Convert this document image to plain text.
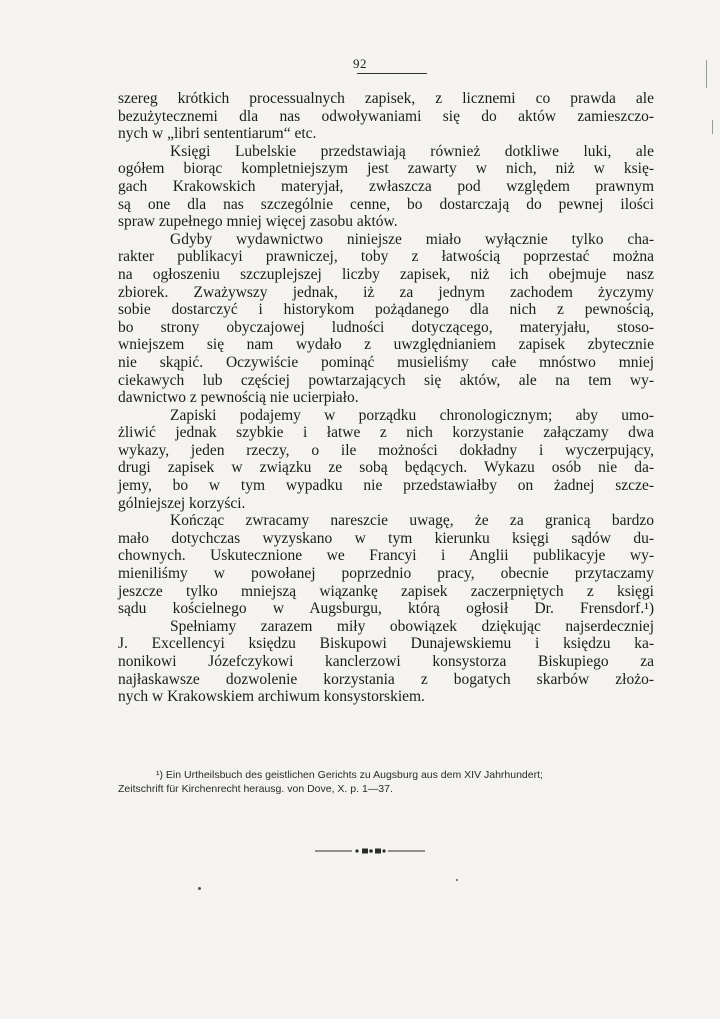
92
szereg krótkich processualnych zapisek, z licznemi co prawda ale
bezużytecznemi dla nas odwoływaniami się do aktów zamieszczo-
nych w „libri sententiarum“ etc.
Księgi Lubelskie przedstawiają również dotkliwe luki, ale
ogółem biorąc kompletniejszym jest zawarty w nich, niż w księ-
gach Krakowskich materyjał, zwłaszcza pod względem prawnym
są one dla nas szczególnie cenne, bo dostarczają do pewnej ilości
spraw zupełnego mniej więcej zasobu aktów.
Gdyby wydawnictwo niniejsze miało wyłącznie tylko cha-
rakter publikacyi prawniczej, toby z łatwością poprzestać można
na ogłoszeniu szczuplejszej liczby zapisek, niż ich obejmuje nasz
zbiorek. Zważywszy jednak, iż za jednym zachodem życzymy
sobie dostarczyć i historykom pożądanego dla nich z pewnością,
bo strony obyczajowej ludności dotyczącego, materyjału, stoso-
wniejszem się nam wydało z uwzględnianiem zapisek zbytecznie
nie skąpić. Oczywiście pominąć musieliśmy całe mnóstwo mniej
ciekawych lub częściej powtarzających się aktów, ale na tem wy-
dawnictwo z pewnością nie ucierpiało.
Zapiski podajemy w porządku chronologicznym; aby umo-
żliwić jednak szybkie i łatwe z nich korzystanie załączamy dwa
wykazy, jeden rzeczy, o ile możności dokładny i wyczerpujący,
drugi zapisek w związku ze sobą będących. Wykazu osób nie da-
jemy, bo w tym wypadku nie przedstawiałby on żadnej szcze-
gólniejszej korzyści.
Kończąc zwracamy nareszcie uwagę, że za granicą bardzo
mało dotychczas wyzyskano w tym kierunku księgi sądów du-
chownych. Uskutecznione we Francyi i Anglii publikacyje wy-
mieniliśmy w powołanej poprzednio pracy, obecnie przytaczamy
jeszcze tylko mniejszą wiązankę zapisek zaczerpniętych z księgi
sądu kościelnego w Augsburgu, którą ogłosił Dr. Frensdorf.¹)
Spełniamy zarazem miły obowiązek dziękując najserdeczniej
J. Excellencyi księdzu Biskupowi Dunajewskiemu i księdzu ka-
nonikowi Józefczykowi kanclerzowi konsystorza Biskupiego za
najłaskawsze dozwolenie korzystania z bogatych skarbów złożo-
nych w Krakowskiem archiwum konsystorskiem.
¹) Ein Urtheilsbuch des geistlichen Gerichts zu Augsburg aus dem XIV Jahrhundert;
Zeitschrift für Kirchenrecht herausg. von Dove, X. p. 1—37.
